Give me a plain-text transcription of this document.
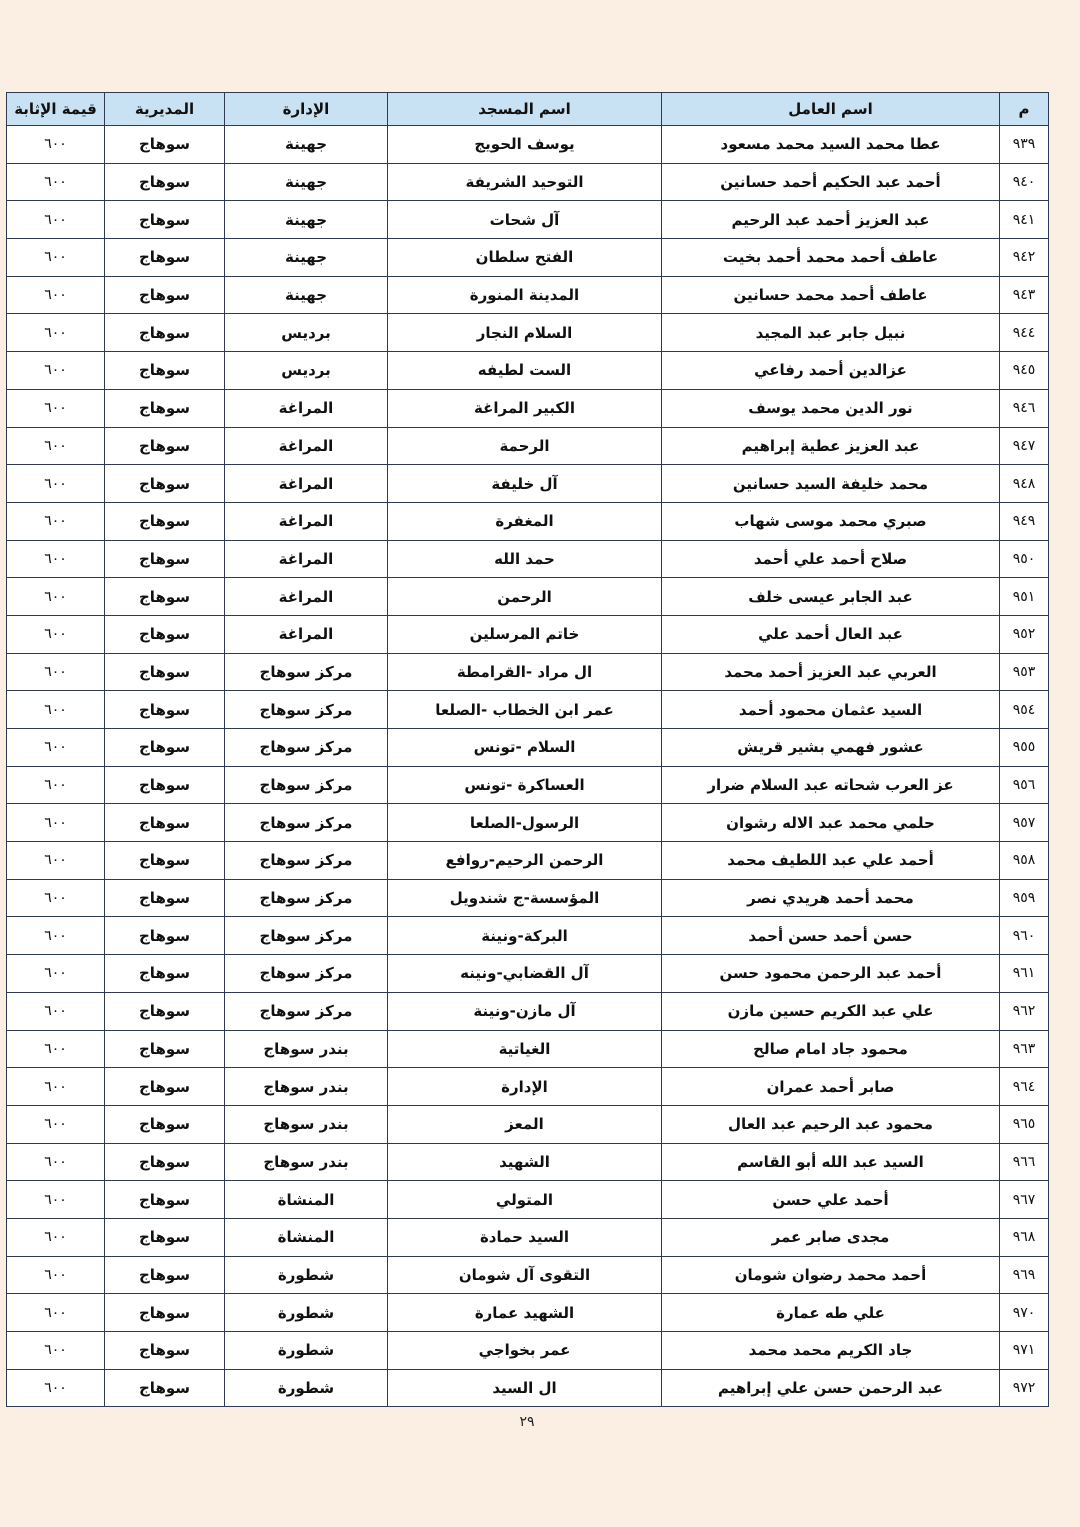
م	اسم العامل	اسم المسجد	الإدارة	المديرية	قيمة الإثابة
٩٣٩	عطا محمد السيد محمد مسعود	يوسف الحويج	جهينة	سوهاج	٦٠٠
٩٤٠	أحمد عبد الحكيم أحمد حسانين	التوحيد الشريفة	جهينة	سوهاج	٦٠٠
٩٤١	عبد العزيز أحمد عبد الرحيم	آل شحات	جهينة	سوهاج	٦٠٠
٩٤٢	عاطف أحمد محمد أحمد بخيت	الفتح سلطان	جهينة	سوهاج	٦٠٠
٩٤٣	عاطف أحمد محمد حسانين	المدينة المنورة	جهينة	سوهاج	٦٠٠
٩٤٤	نبيل جابر عبد المجيد	السلام النجار	برديس	سوهاج	٦٠٠
٩٤٥	عزالدين أحمد رفاعي	الست لطيفه	برديس	سوهاج	٦٠٠
٩٤٦	نور الدين محمد يوسف	الكبير المراغة	المراغة	سوهاج	٦٠٠
٩٤٧	عبد العزيز عطية إبراهيم	الرحمة	المراغة	سوهاج	٦٠٠
٩٤٨	محمد خليفة السيد حسانين	آل خليفة	المراغة	سوهاج	٦٠٠
٩٤٩	صبري محمد موسى شهاب	المغفرة	المراغة	سوهاج	٦٠٠
٩٥٠	صلاح أحمد علي أحمد	حمد الله	المراغة	سوهاج	٦٠٠
٩٥١	عبد الجابر عيسى خلف	الرحمن	المراغة	سوهاج	٦٠٠
٩٥٢	عبد العال أحمد علي	خاتم المرسلين	المراغة	سوهاج	٦٠٠
٩٥٣	العربي عبد العزيز أحمد محمد	ال مراد -القرامطة	مركز سوهاج	سوهاج	٦٠٠
٩٥٤	السيد عثمان محمود أحمد	عمر ابن الخطاب -الصلعا	مركز سوهاج	سوهاج	٦٠٠
٩٥٥	عشور فهمي بشير قريش	السلام -تونس	مركز سوهاج	سوهاج	٦٠٠
٩٥٦	عز العرب شحاته عبد السلام ضرار	العساكرة -تونس	مركز سوهاج	سوهاج	٦٠٠
٩٥٧	حلمي محمد عبد الاله رشوان	الرسول-الصلعا	مركز سوهاج	سوهاج	٦٠٠
٩٥٨	أحمد علي عبد اللطيف محمد	الرحمن الرحيم-روافع	مركز سوهاج	سوهاج	٦٠٠
٩٥٩	محمد أحمد هريدي نصر	المؤسسة-ج شندويل	مركز سوهاج	سوهاج	٦٠٠
٩٦٠	حسن أحمد حسن أحمد	البركة-ونينة	مركز سوهاج	سوهاج	٦٠٠
٩٦١	أحمد عبد الرحمن محمود حسن	آل القضابي-ونينه	مركز سوهاج	سوهاج	٦٠٠
٩٦٢	علي عبد الكريم حسين مازن	آل مازن-ونينة	مركز سوهاج	سوهاج	٦٠٠
٩٦٣	محمود جاد امام صالح	الغياتية	بندر سوهاج	سوهاج	٦٠٠
٩٦٤	صابر أحمد عمران	الإدارة	بندر سوهاج	سوهاج	٦٠٠
٩٦٥	محمود عبد الرحيم عبد العال	المعز	بندر سوهاج	سوهاج	٦٠٠
٩٦٦	السيد عبد الله أبو القاسم	الشهيد	بندر سوهاج	سوهاج	٦٠٠
٩٦٧	أحمد علي حسن	المتولي	المنشاة	سوهاج	٦٠٠
٩٦٨	مجدى صابر عمر	السيد حمادة	المنشاة	سوهاج	٦٠٠
٩٦٩	أحمد محمد رضوان شومان	التقوى آل شومان	شطورة	سوهاج	٦٠٠
٩٧٠	علي طه عمارة	الشهيد عمارة	شطورة	سوهاج	٦٠٠
٩٧١	جاد الكريم محمد محمد	عمر بخواجي	شطورة	سوهاج	٦٠٠
٩٧٢	عبد الرحمن حسن علي إبراهيم	ال السيد	شطورة	سوهاج	٦٠٠
٢٩
